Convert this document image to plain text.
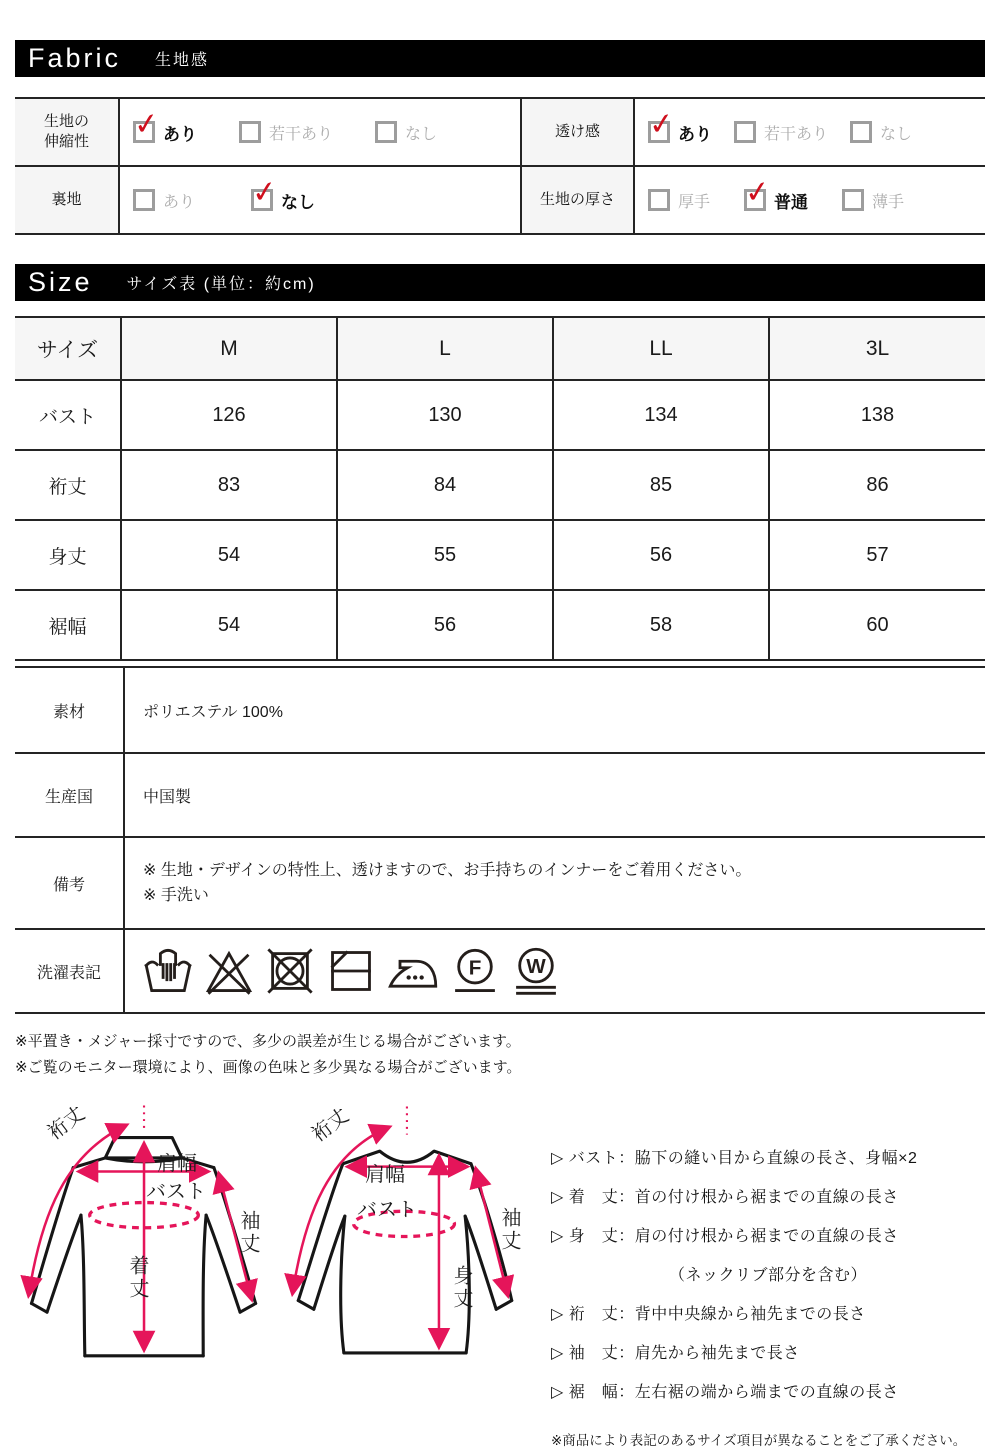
Fabric 生地感
生地の
伸縮性 ✓	あり	若干あり	なし	透け感 ✓	あり	若干あり	なし
裏地	あり ✓	なし	生地の厚さ	厚手 ✓	普通	薄手
Size サイズ表 (単位：約cm)
サイズ	M	L	LL	3L
バスト	126	130	134	138
裄丈	83	84	85	86
身丈	54	55	56	57
裾幅	54	56	58	60
素材	ポリエステル 100%
生産国	中国製
備考	※ 生地・デザインの特性上、透けますので、お手持ちのインナーをご着用ください。
※ 手洗い

洗濯表記	F W
※平置き・メジャー採寸ですので、多少の誤差が生じる場合がございます。
※ご覧のモニター環境により、画像の色味と多少異なる場合がございます。
裄丈
肩幅
バスト
着丈
袖丈
裄丈
肩幅
バスト
身丈
袖丈
▷ バスト：脇下の縫い目から直線の長さ、身幅×2
▷ 着　丈：首の付け根から裾までの直線の長さ
▷ 身　丈：肩の付け根から裾までの直線の長さ
（ネックリブ部分を含む）
▷ 裄　丈：背中中央線から袖先までの長さ
▷ 袖　丈：肩先から袖先まで長さ
▷ 裾　幅：左右裾の端から端までの直線の長さ
※商品により表記のあるサイズ項目が異なることをご了承ください。
